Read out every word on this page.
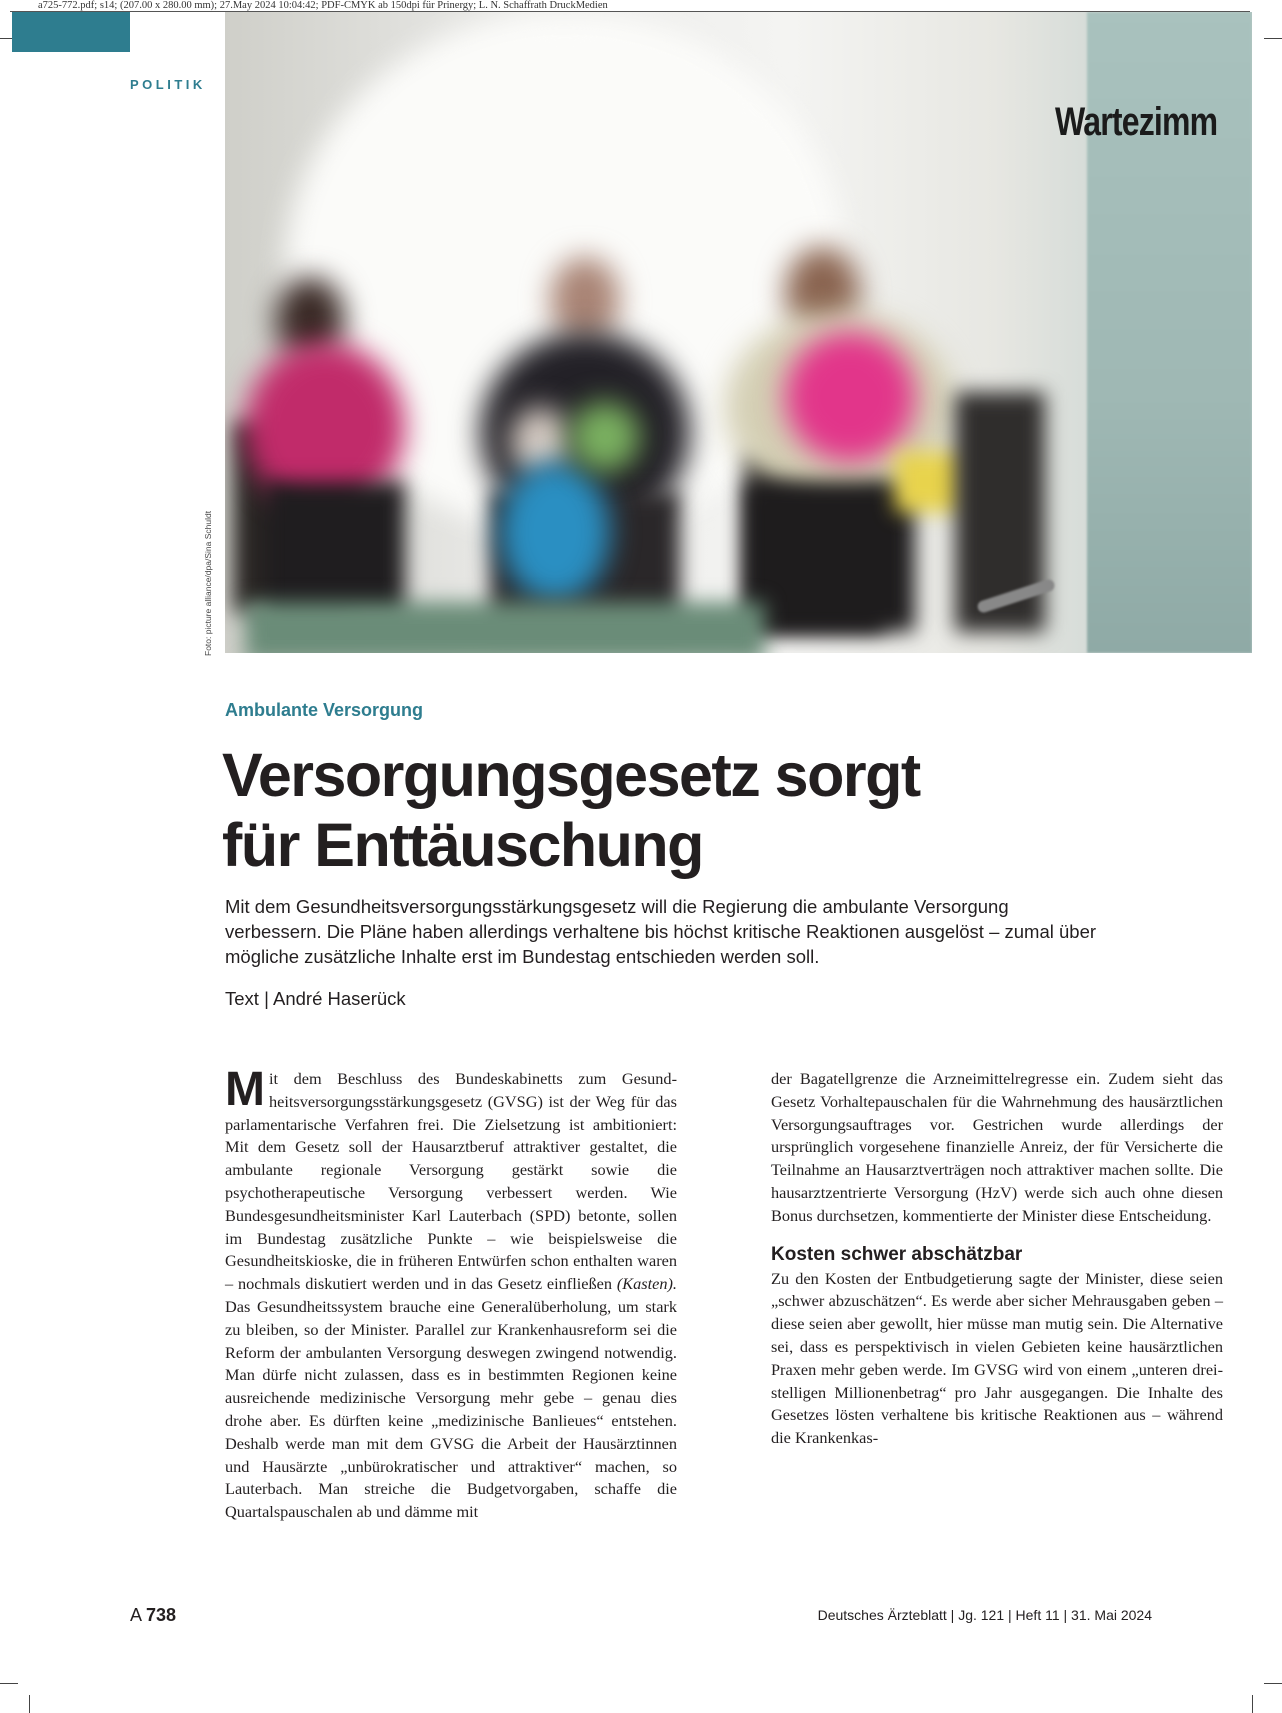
a725-772.pdf; s14; (207.00 x 280.00 mm); 27.May 2024 10:04:42; PDF-CMYK ab 150dpi für Prinergy; L. N. Schaffrath DruckMedien
POLITIK
Wartezimm
Foto: picture alliance/dpa/Sina Schuldt
Ambulante Versorgung
Versorgungsgesetz sorgt
für Enttäuschung

Mit dem Gesundheitsversorgungsstärkungsgesetz will die Regierung die ambulante Versorgung verbessern. Die Pläne haben allerdings verhaltene bis höchst kritische Reaktionen ausgelöst – zumal über mögliche zusätzliche Inhalte erst im Bundestag entschieden werden soll.

Text | André Haserück

Mit dem Beschluss des Bundeskabinetts zum Gesundheitsversorgungsstärkungsgesetz (GVSG) ist der Weg für das parlamentarische Verfahren frei. Die Zielsetzung ist ambitioniert: Mit dem Gesetz soll der Hausarztberuf attraktiver gestaltet, die ambulante regionale Versorgung gestärkt sowie die psychotherapeutische Versorgung verbessert werden. Wie Bundesgesundheitsminister Karl Lauterbach (SPD) betonte, sollen im Bundestag zusätzliche Punkte – wie beispielsweise die Gesundheitskioske, die in früheren Entwürfen schon enthalten waren – nochmals diskutiert werden und in das Gesetz einfließen (Kasten). Das Gesundheitssystem brauche eine Generalüberholung, um stark zu bleiben, so der Minister. Parallel zur Krankenhausreform sei die Reform der ambulanten Versorgung deswegen zwingend notwendig. Man dürfe nicht zulassen, dass es in bestimmten Regionen keine ausreichende medizinische Versorgung mehr gebe – genau dies drohe aber. Es dürften keine „medizinische Banlieues“ entstehen. Deshalb werde man mit dem GVSG die Arbeit der Hausärztinnen und Hausärzte „unbürokratischer und attraktiver“ machen, so Lauterbach. Man streiche die Budgetvorgaben, schaffe die Quartalspauschalen ab und dämme mit

der Bagatellgrenze die Arzneimittelregresse ein. Zudem sieht das Gesetz Vorhaltepauschalen für die Wahrnehmung des hausärztlichen Versorgungsauftrages vor. Gestrichen wurde allerdings der ursprünglich vorgesehene finanzielle Anreiz, der für Versicherte die Teilnahme an Hausarztverträgen noch attraktiver machen sollte. Die hausarztzentrierte Versorgung (HzV) werde sich auch ohne diesen Bonus durchsetzen, kommentierte der Minister diese Entscheidung.

Kosten schwer abschätzbar

Zu den Kosten der Entbudgetierung sagte der Minister, diese seien „schwer abzuschätzen“. Es werde aber sicher Mehrausgaben geben – diese seien aber gewollt, hier müsse man mutig sein. Die Alternative sei, dass es perspektivisch in vielen Gebieten keine hausärztlichen Praxen mehr geben werde. Im GVSG wird von einem „unteren dreistelligen Millionenbetrag“ pro Jahr ausgegangen. Die Inhalte des Gesetzes lösten verhaltene bis kritische Reaktionen aus – während die Krankenkas-

A 738	Deutsches Ärzteblatt | Jg. 121 | Heft 11 | 31. Mai 2024
